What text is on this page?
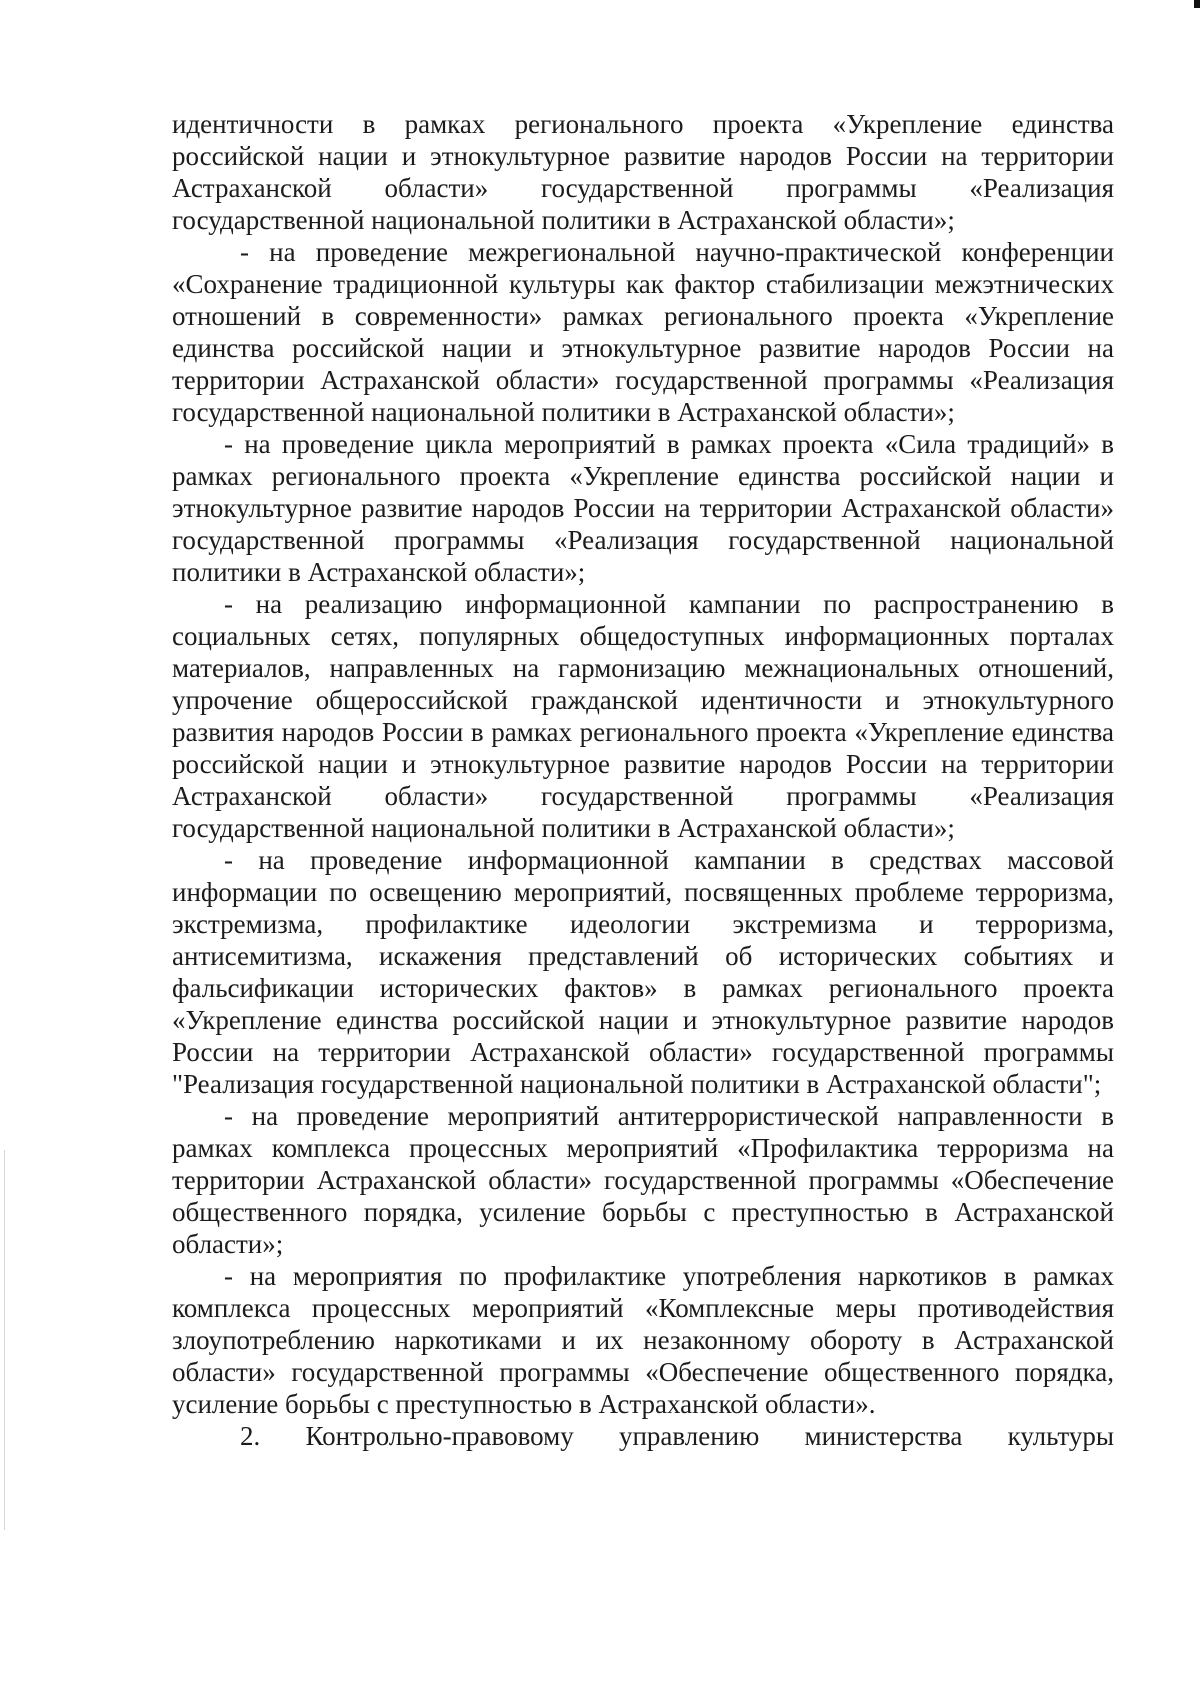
идентичности в рамках регионального проекта «Укрепление единства российской нации и этнокультурное развитие народов России на территории Астраханской области» государственной программы «Реализация государственной национальной политики в Астраханской области»;

- на проведение межрегиональной научно-практической конференции «Сохранение традиционной культуры как фактор стабилизации межэтнических отношений в современности» рамках регионального проекта «Укрепление единства российской нации и этнокультурное развитие народов России на территории Астраханской области» государственной программы «Реализация государственной национальной политики в Астраханской области»;

- на проведение цикла мероприятий в рамках проекта «Сила традиций» в рамках регионального проекта «Укрепление единства российской нации и этнокультурное развитие народов России на территории Астраханской области» государственной программы «Реализация государственной национальной политики в Астраханской области»;

- на реализацию информационной кампании по распространению в социальных сетях, популярных общедоступных информационных порталах материалов, направленных на гармонизацию межнациональных отношений, упрочение общероссийской гражданской идентичности и этнокультурного развития народов России в рамках регионального проекта «Укрепление единства российской нации и этнокультурное развитие народов России на территории Астраханской области» государственной программы «Реализация государственной национальной политики в Астраханской области»;

- на проведение информационной кампании в средствах массовой информации по освещению мероприятий, посвященных проблеме терроризма, экстремизма, профилактике идеологии экстремизма и терроризма, антисемитизма, искажения представлений об исторических событиях и фальсификации исторических фактов» в рамках регионального проекта «Укрепление единства российской нации и этнокультурное развитие народов России на территории Астраханской области» государственной программы "Реализация государственной национальной политики в Астраханской области";

- на проведение мероприятий антитеррористической направленности в рамках комплекса процессных мероприятий «Профилактика терроризма на территории Астраханской области» государственной программы «Обеспечение общественного порядка, усиление борьбы с преступностью в Астраханской области»;

- на мероприятия по профилактике употребления наркотиков в рамках комплекса процессных мероприятий «Комплексные меры противодействия злоупотреблению наркотиками и их незаконному обороту в Астраханской области» государственной программы «Обеспечение общественного порядка, усиление борьбы с преступностью в Астраханской области».

2. Контрольно-правовому управлению министерства культуры
